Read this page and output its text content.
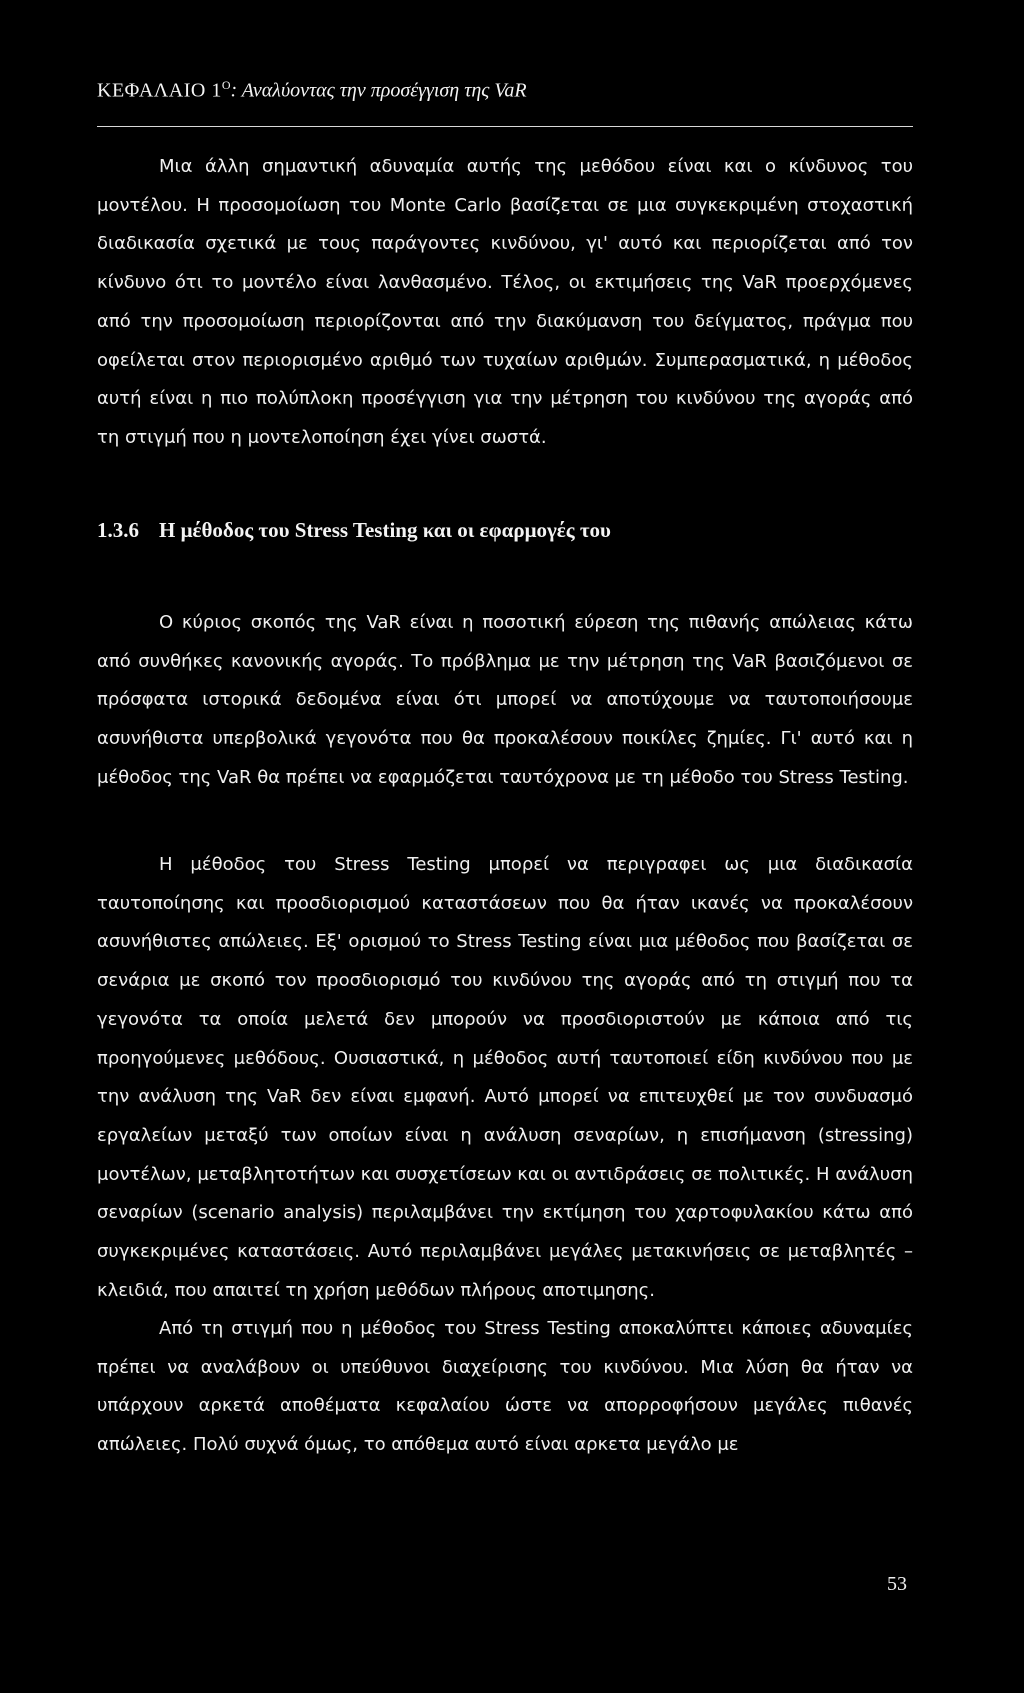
ΚΕΦΑΛΑΙΟ $1^O$: Αναλύοντας την προσέγγιση της VaR
Μια άλλη σημαντική αδυναμία αυτής της μεθόδου είναι και ο κίνδυνος του μοντέλου. Η προσομοίωση του Monte Carlo βασίζεται σε μια συγκεκριμένη στοχαστική διαδικασία σχετικά με τους παράγοντες κινδύνου, γι' αυτό και περιορίζεται από τον κίνδυνο ότι το μοντέλο είναι λανθασμένο. Τέλος, οι εκτιμήσεις της VaR προερχόμενες από την προσομοίωση περιορίζονται από την διακύμανση του δείγματος, πράγμα που οφείλεται στον περιορισμένο αριθμό των τυχαίων αριθμών. Συμπερασματικά, η μέθοδος αυτή είναι η πιο πολύπλοκη προσέγγιση για την μέτρηση του κινδύνου της αγοράς από τη στιγμή που η μοντελοποίηση έχει γίνει σωστά.
1.3.6 Η μέθοδος του Stress Testing και οι εφαρμογές του
Ο κύριος σκοπός της VaR είναι η ποσοτική εύρεση της πιθανής απώλειας κάτω από συνθήκες κανονικής αγοράς. Το πρόβλημα με την μέτρηση της VaR βασιζόμενοι σε πρόσφατα ιστορικά δεδομένα είναι ότι μπορεί να αποτύχουμε να ταυτοποιήσουμε ασυνήθιστα υπερβολικά γεγονότα που θα προκαλέσουν ποικίλες ζημίες. Γι' αυτό και η μέθοδος της VaR θα πρέπει να εφαρμόζεται ταυτόχρονα με τη μέθοδο του Stress Testing.
Η μέθοδος του Stress Testing μπορεί να περιγραφει ως μια διαδικασία ταυτοποίησης και προσδιορισμού καταστάσεων που θα ήταν ικανές να προκαλέσουν ασυνήθιστες απώλειες. Εξ' ορισμού το Stress Testing είναι μια μέθοδος που βασίζεται σε σενάρια με σκοπό τον προσδιορισμό του κινδύνου της αγοράς από τη στιγμή που τα γεγονότα τα οποία μελετά δεν μπορούν να προσδιοριστούν με κάποια από τις προηγούμενες μεθόδους. Ουσιαστικά, η μέθοδος αυτή ταυτοποιεί είδη κινδύνου που με την ανάλυση της VaR δεν είναι εμφανή. Αυτό μπορεί να επιτευχθεί με τον συνδυασμό εργαλείων μεταξύ των οποίων είναι η ανάλυση σεναρίων, η επισήμανση (stressing) μοντέλων, μεταβλητοτήτων και συσχετίσεων και οι αντιδράσεις σε πολιτικές. Η ανάλυση σεναρίων (scenario analysis) περιλαμβάνει την εκτίμηση του χαρτοφυλακίου κάτω από συγκεκριμένες καταστάσεις. Αυτό περιλαμβάνει μεγάλες μετακινήσεις σε μεταβλητές – κλειδιά, που απαιτεί τη χρήση μεθόδων πλήρους αποτιμησης.
53
Από τη στιγμή που η μέθοδος του Stress Testing αποκαλύπτει κάποιες αδυναμίες πρέπει να αναλάβουν οι υπεύθυνοι διαχείρισης του κινδύνου. Μια λύση θα ήταν να υπάρχουν αρκετά αποθέματα κεφαλαίου ώστε να απορροφήσουν μεγάλες πιθανές απώλειες. Πολύ συχνά όμως, το απόθεμα αυτό είναι αρκετα μεγάλο με
